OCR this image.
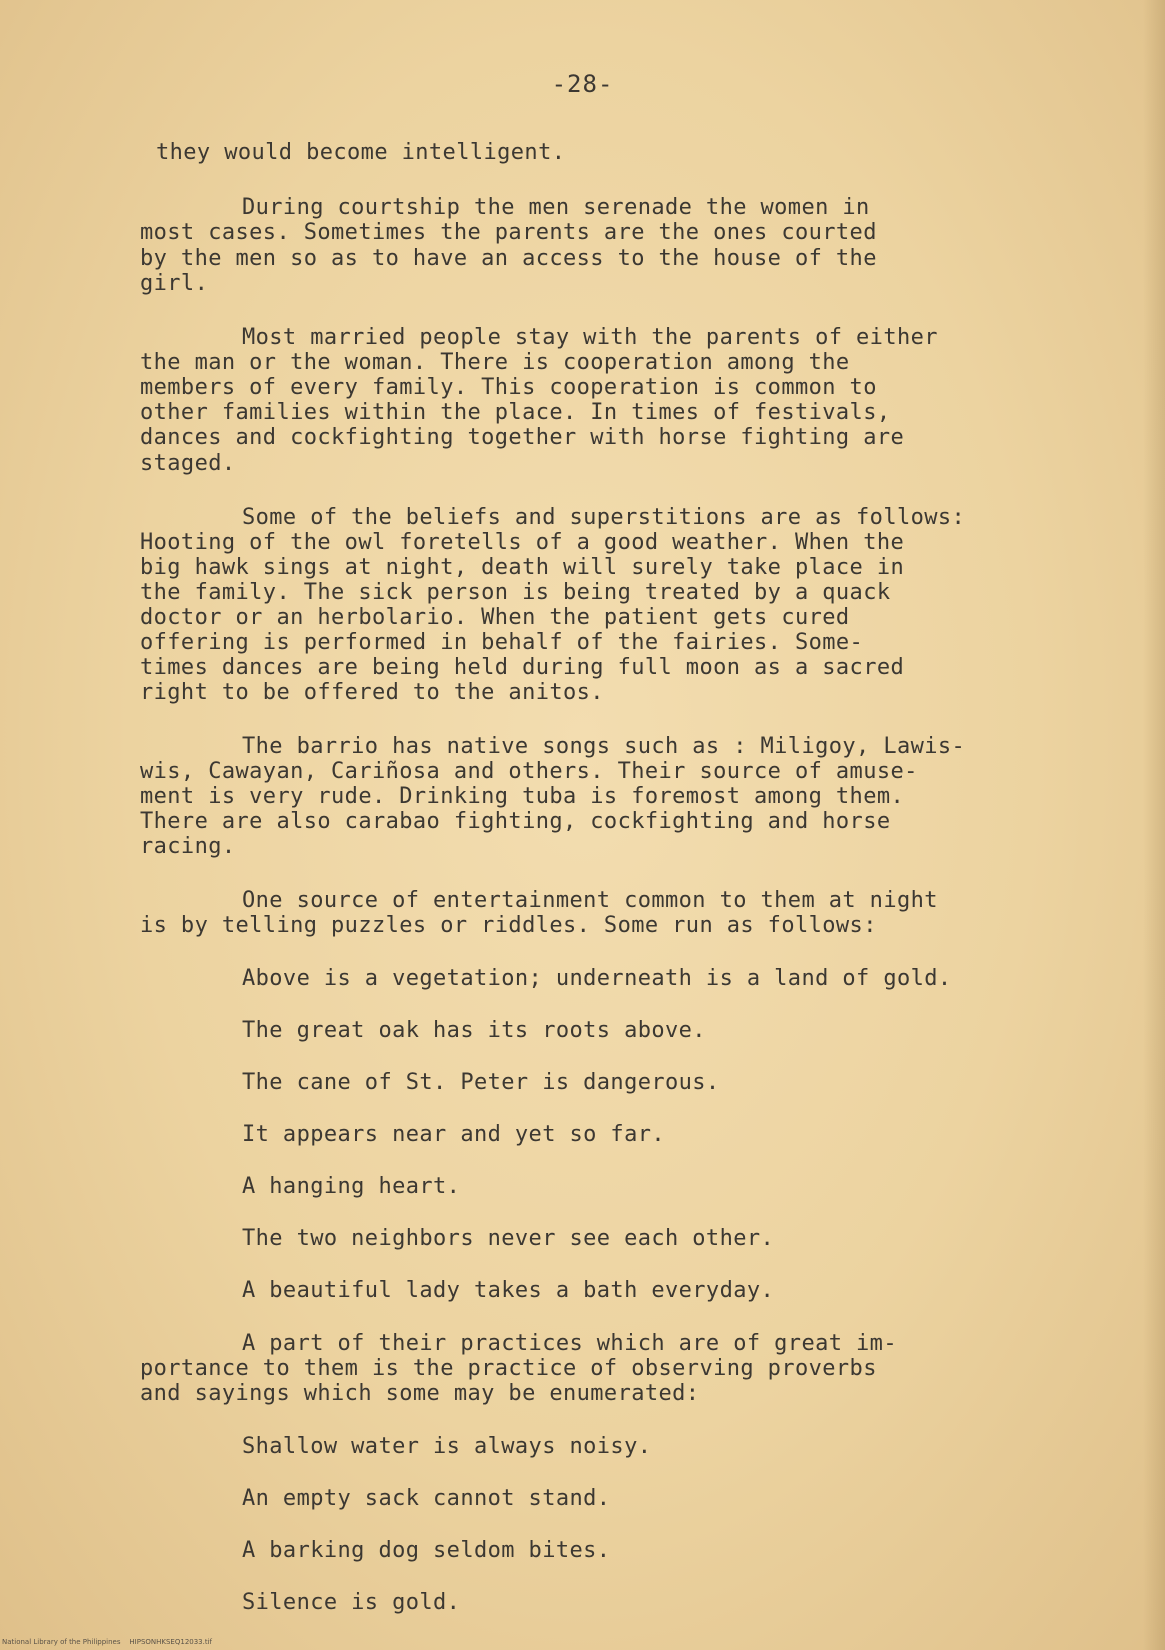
-28-
they would become intelligent.
During courtship the men serenade the women in
most cases. Sometimes the parents are the ones courted
by the men so as to have an access to the house of the
girl.
Most married people stay with the parents of either
the man or the woman. There is cooperation among the
members of every family. This cooperation is common to
other families within the place. In times of festivals,
dances and cockfighting together with horse fighting are
staged.
Some of the beliefs and superstitions are as follows:
Hooting of the owl foretells of a good weather. When the
big hawk sings at night, death will surely take place in
the family. The sick person is being treated by a quack
doctor or an herbolario. When the patient gets cured
offering is performed in behalf of the fairies. Some-
times dances are being held during full moon as a sacred
right to be offered to the anitos.
The barrio has native songs such as : Miligoy, Lawis-
wis, Cawayan, Cariñosa and others. Their source of amuse-
ment is very rude. Drinking tuba is foremost among them.
There are also carabao fighting, cockfighting and horse
racing.
One source of entertainment common to them at night
is by telling puzzles or riddles. Some run as follows:
Above is a vegetation; underneath is a land of gold.
The great oak has its roots above.
The cane of St. Peter is dangerous.
It appears near and yet so far.
A hanging heart.
The two neighbors never see each other.
A beautiful lady takes a bath everyday.
A part of their practices which are of great im-
portance to them is the practice of observing proverbs
and sayings which some may be enumerated:
Shallow water is always noisy.
An empty sack cannot stand.
A barking dog seldom bites.
Silence is gold.
National Library of the Philippines    HIPSONHKSEQ12033.tif
